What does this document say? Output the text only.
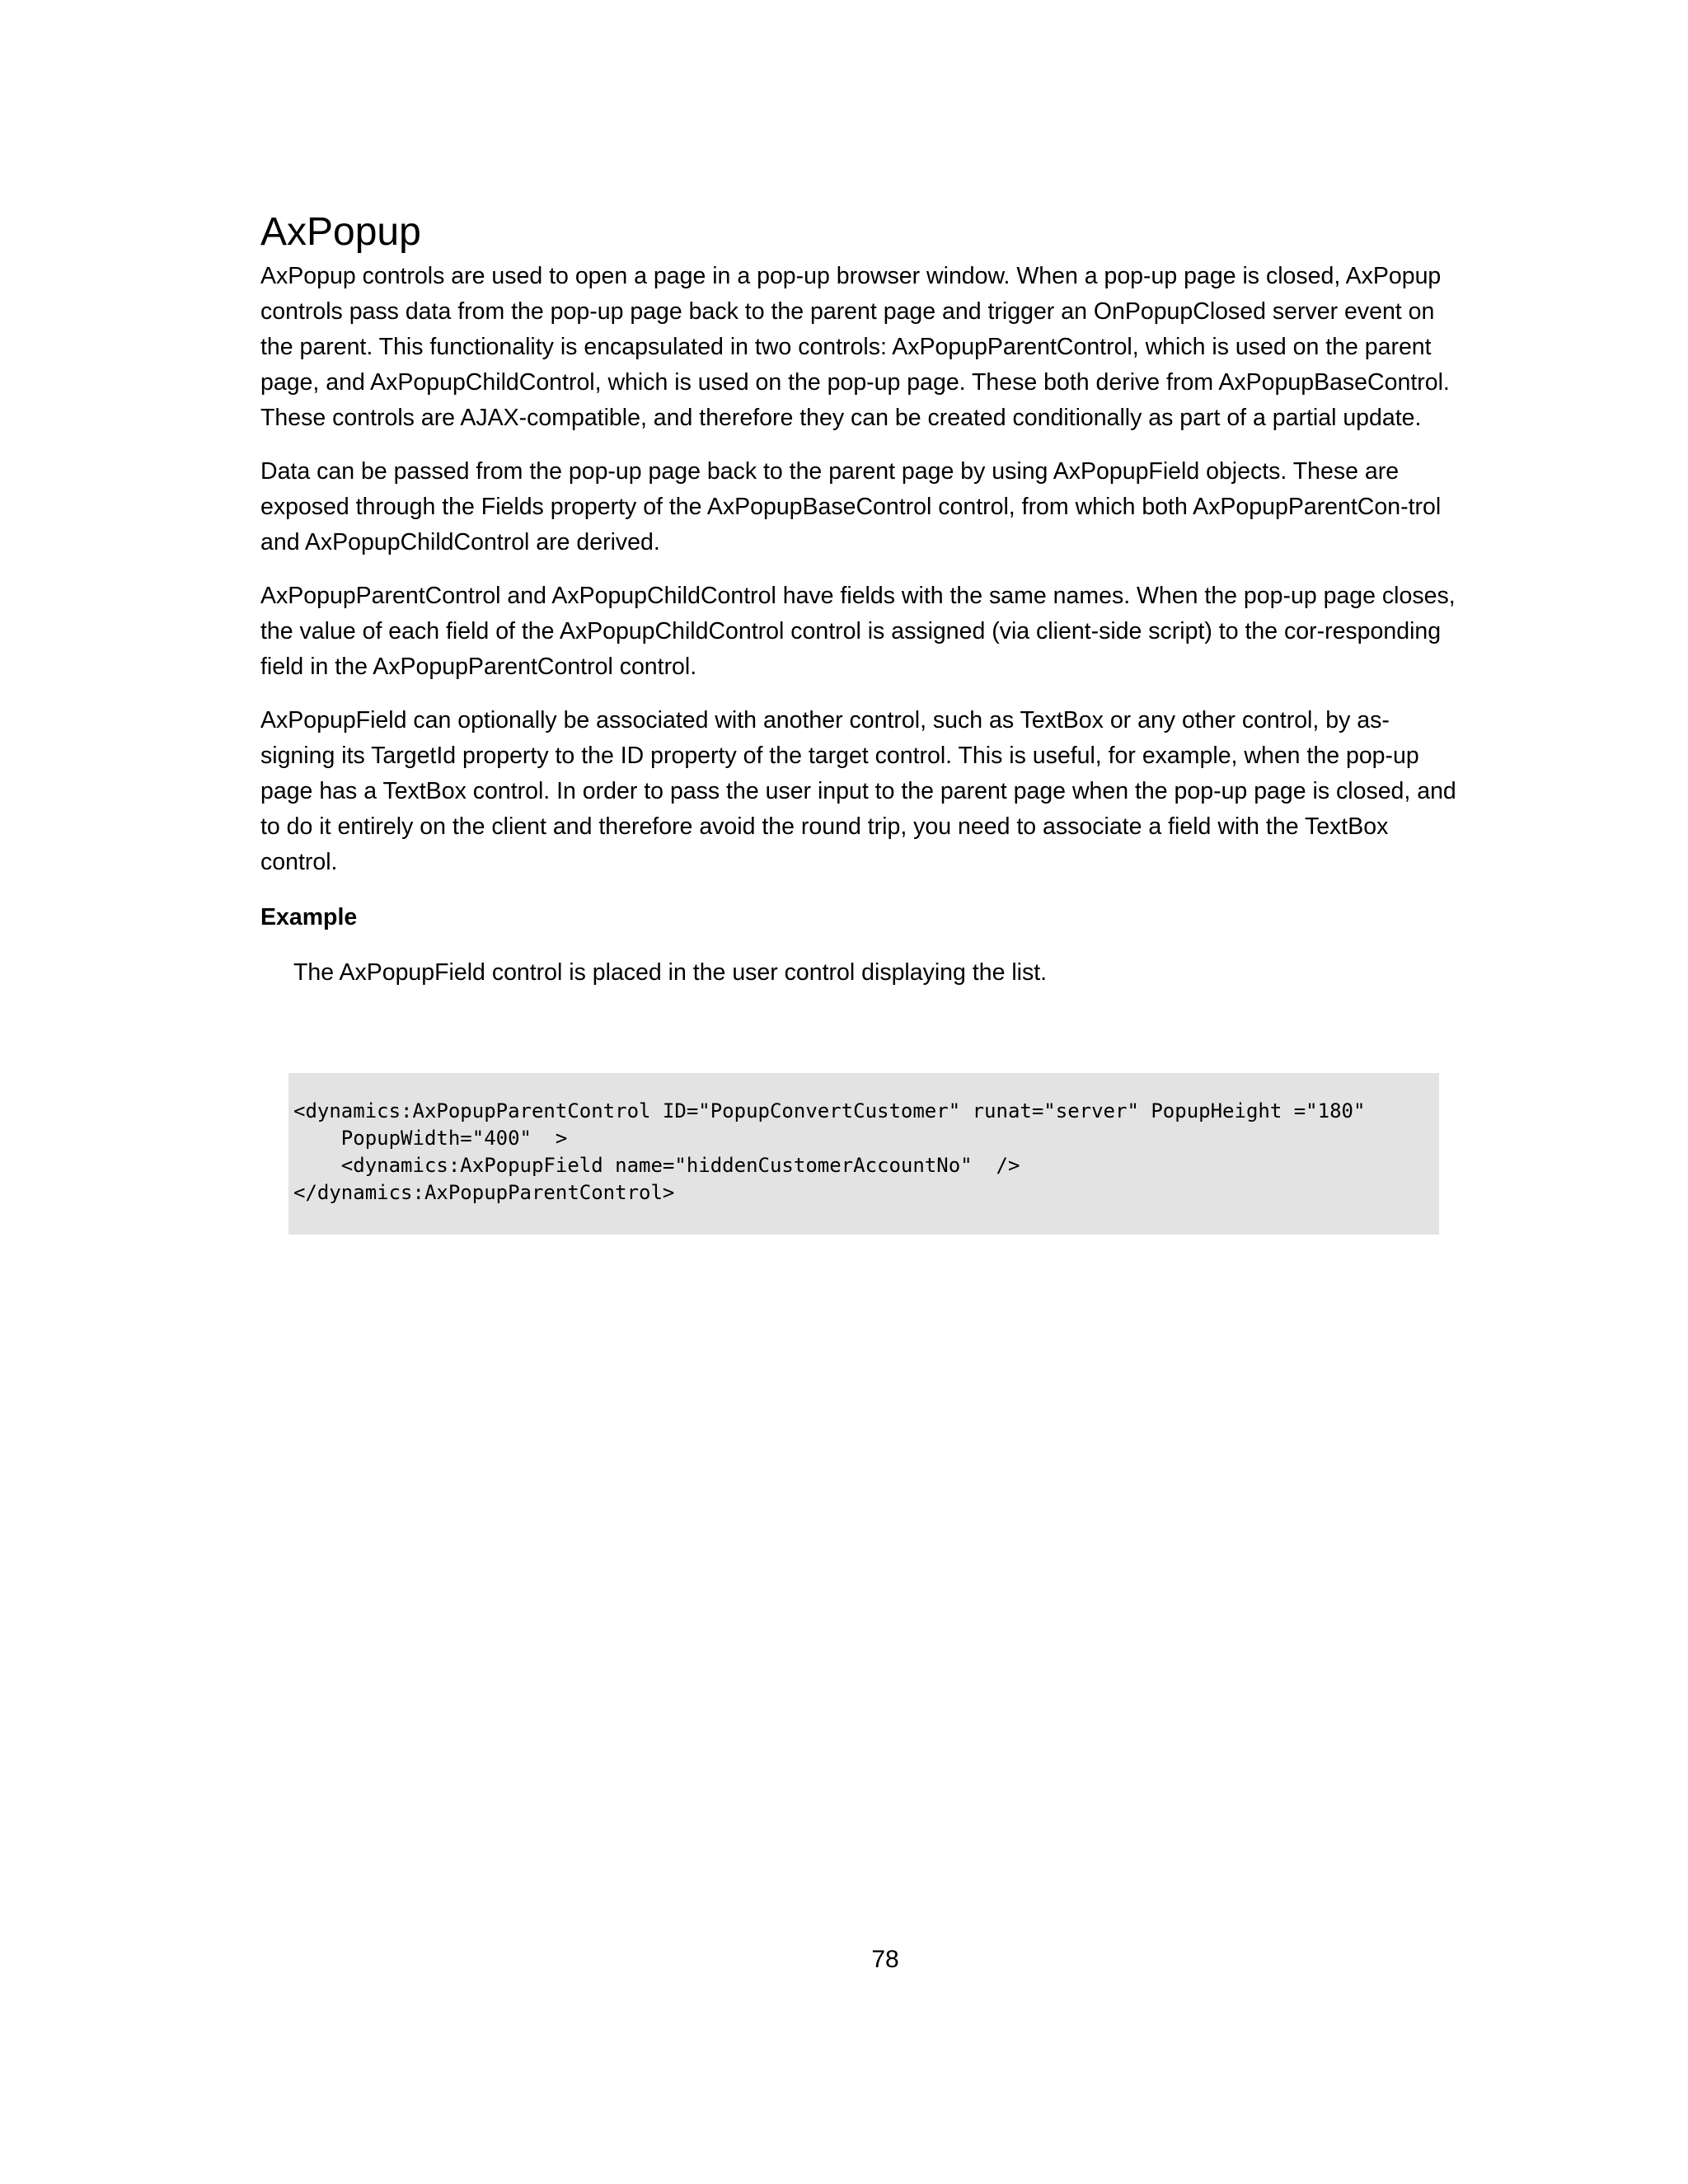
AxPopup

AxPopup controls are used to open a page in a pop-up browser window. When a pop-up page is closed, AxPopup controls pass data from the pop-up page back to the parent page and trigger an OnPopupClosed server event on the parent. This functionality is encapsulated in two controls: AxPopupParentControl, which is used on the parent page, and AxPopupChildControl, which is used on the pop-up page. These both derive from AxPopupBaseControl. These controls are AJAX-compatible, and therefore they can be created conditionally as part of a partial update.

Data can be passed from the pop-up page back to the parent page by using AxPopupField objects. These are exposed through the Fields property of the AxPopupBaseControl control, from which both AxPopupParentCon-trol and AxPopupChildControl are derived.

AxPopupParentControl and AxPopupChildControl have fields with the same names. When the pop-up page closes, the value of each field of the AxPopupChildControl control is assigned (via client-side script) to the cor-responding field in the AxPopupParentControl control.

AxPopupField can optionally be associated with another control, such as TextBox or any other control, by as-signing its TargetId property to the ID property of the target control. This is useful, for example, when the pop-up page has a TextBox control. In order to pass the user input to the parent page when the pop-up page is closed, and to do it entirely on the client and therefore avoid the round trip, you need to associate a field with the TextBox control.

Example

The AxPopupField control is placed in the user control displaying the list.

<dynamics:AxPopupParentControl ID="PopupConvertCustomer" runat="server" PopupHeight ="180"
PopupWidth="400"  >
<dynamics:AxPopupField name="hiddenCustomerAccountNo"  />
</dynamics:AxPopupParentControl>
78
